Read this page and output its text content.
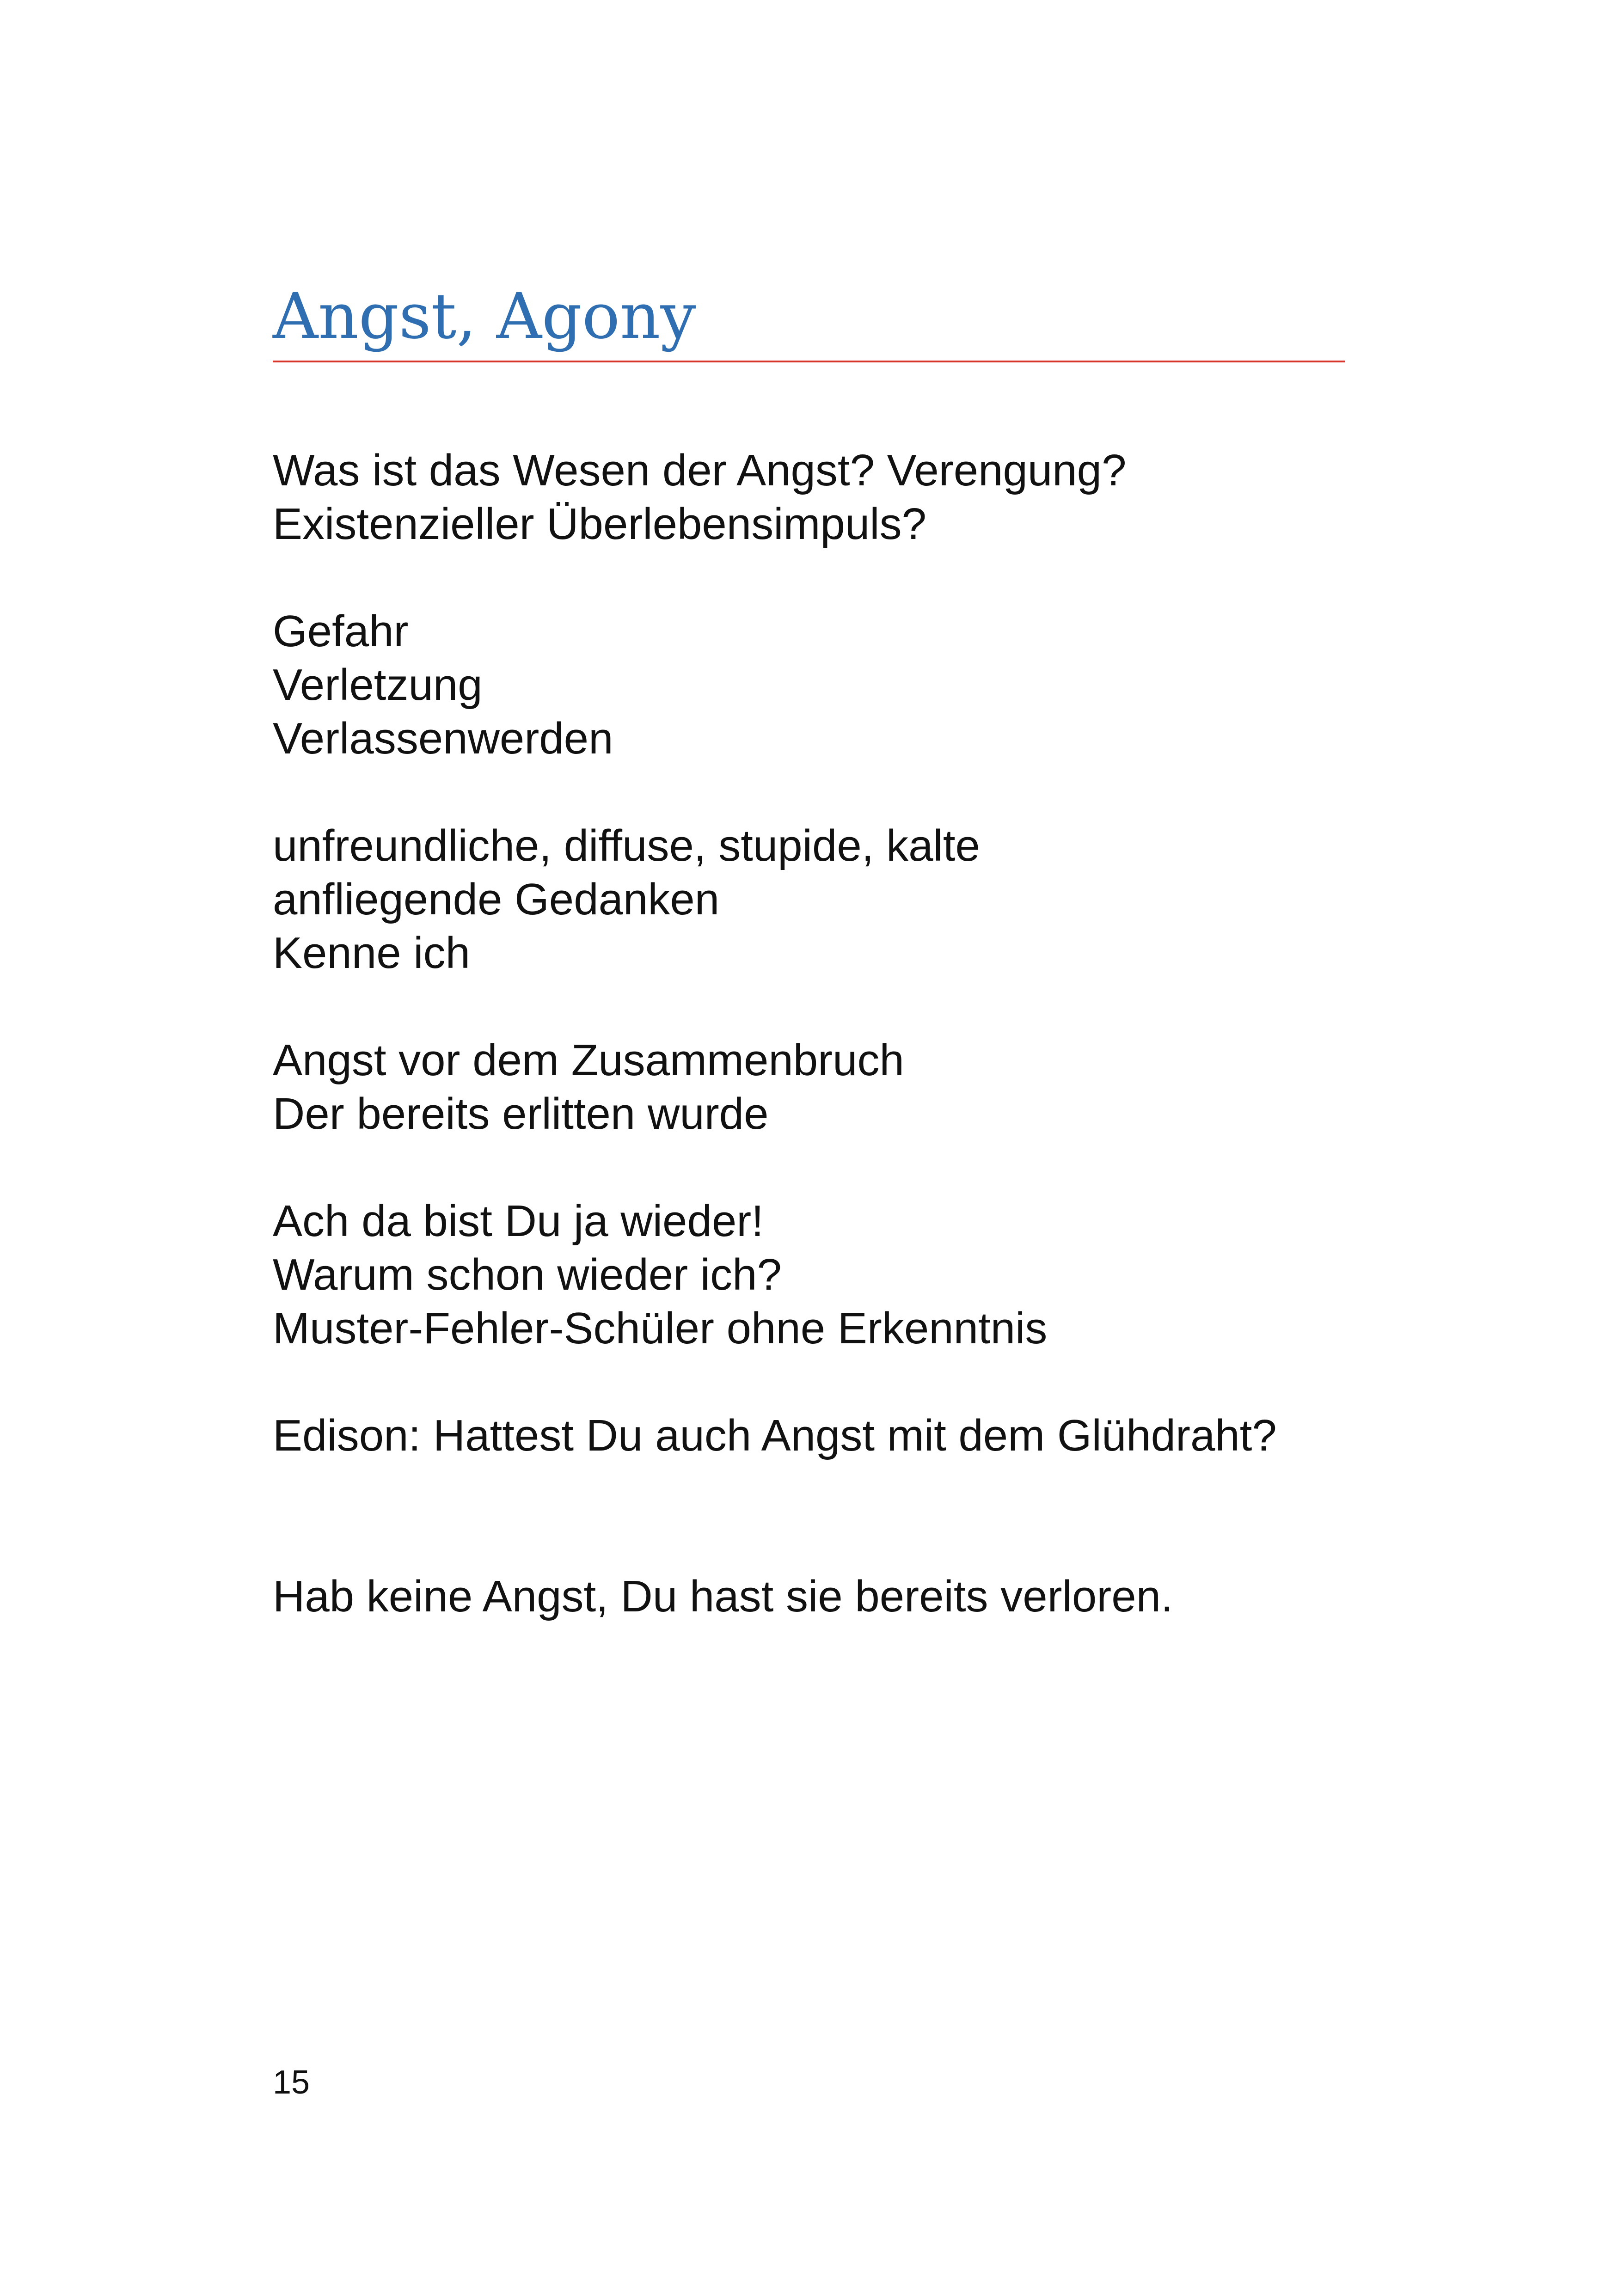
Angst, Agony
Was ist das Wesen der Angst? Verengung?
Existenzieller Überlebensimpuls?
Gefahr
Verletzung
Verlassenwerden
unfreundliche, diffuse, stupide, kalte
anfliegende Gedanken
Kenne ich
Angst vor dem Zusammenbruch
Der bereits erlitten wurde
Ach da bist Du ja wieder!
Warum schon wieder ich?
Muster-Fehler-Schüler ohne Erkenntnis
Edison: Hattest Du auch Angst mit dem Glühdraht?
Hab keine Angst, Du hast sie bereits verloren.
15
